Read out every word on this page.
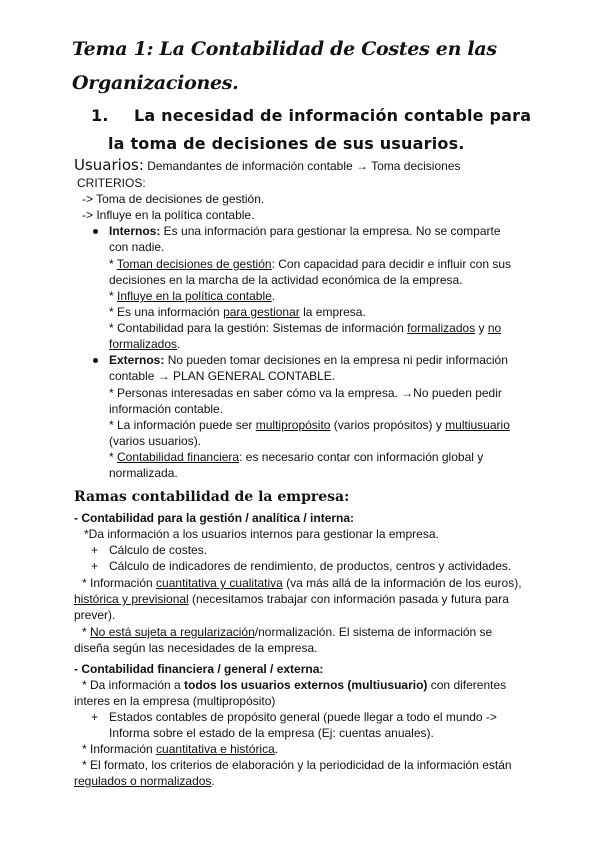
Tema 1: La Contabilidad de Costes en las
Organizaciones.
1. La necesidad de información contable para
la toma de decisiones de sus usuarios.
Usuarios: Demandantes de información contable → Toma decisiones
CRITERIOS:
-> Toma de decisiones de gestión.
-> Influye en la política contable.
Internos: Es una información para gestionar la empresa. No se comparte
con nadie.
* Toman decisiones de gestión: Con capacidad para decidir e influir con sus
decisiones en la marcha de la actividad económica de la empresa.
* Influye en la política contable.
* Es una información para gestionar la empresa.
* Contabilidad para la gestión: Sistemas de información formalizados y no
formalizados.
Externos: No pueden tomar decisiones en la empresa ni pedir información
contable → PLAN GENERAL CONTABLE.
* Personas interesadas en saber cómo va la empresa. →No pueden pedir
información contable.
* La información puede ser multipropósito (varios propósitos) y multiusuario
(varios usuarios).
* Contabilidad financiera: es necesario contar con información global y
normalizada.
Ramas contabilidad de la empresa:
- Contabilidad para la gestión / analítica / interna:
*Da información a los usuarios internos para gestionar la empresa.
+ Cálculo de costes.
+ Cálculo de indicadores de rendimiento, de productos, centros y actividades.
* Información cuantitativa y cualitativa (va más allá de la información de los euros),
histórica y previsional (necesitamos trabajar con información pasada y futura para
prever).
* No está sujeta a regularización/normalización. El sistema de información se
diseña según las necesidades de la empresa.
- Contabilidad financiera / general / externa:
* Da información a todos los usuarios externos (multiusuario) con diferentes
interes en la empresa (multipropósito)
+ Estados contables de propósito general (puede llegar a todo el mundo ->
Informa sobre el estado de la empresa (Ej: cuentas anuales).
* Información cuantitativa e histórica.
* El formato, los criterios de elaboración y la periodicidad de la información están
regulados o normalizados.
